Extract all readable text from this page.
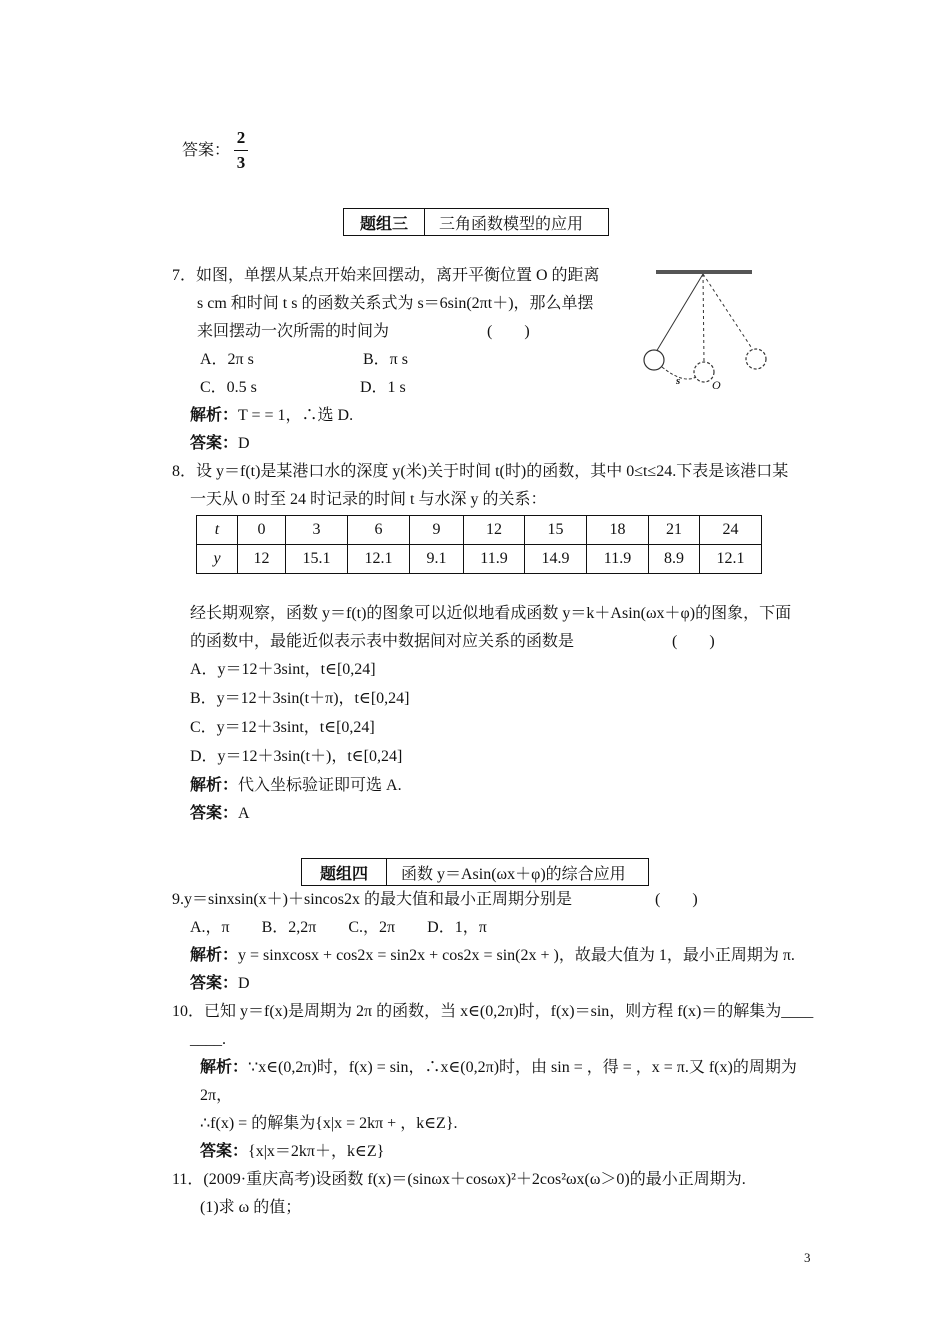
答案：
2
3
题组三	三角函数模型的应用
7．如图，单摆从某点开始来回摆动，离开平衡位置 O 的距离
s cm 和时间 t s 的函数关系式为 s＝6sin(2πt＋)，那么单摆
来回摆动一次所需的时间为	(　　)
A．2π s	B．π s
C．0.5 s	D．1 s
解析：T = = 1，∴选 D.
答案：D
s	O
8．设 y＝f(t)是某港口水的深度 y(米)关于时间 t(时)的函数，其中 0≤t≤24.下表是该港口某
一天从 0 时至 24 时记录的时间 t 与水深 y 的关系：
t	0	3	6	9	12	15	18	21	24
y	12	15.1	12.1	9.1	11.9	14.9	11.9	8.9	12.1
经长期观察，函数 y＝f(t)的图象可以近似地看成函数 y＝k＋Asin(ωx＋φ)的图象，下面
的函数中，最能近似表示表中数据间对应关系的函数是	(　　)
A．y＝12＋3sint，t∈[0,24]
B．y＝12＋3sin(t＋π)，t∈[0,24]
C．y＝12＋3sint，t∈[0,24]
D．y＝12＋3sin(t＋)，t∈[0,24]
解析：代入坐标验证即可选 A.
答案：A
题组四	函数 y＝Asin(ωx＋φ)的综合应用
9.y＝sinxsin(x＋)＋sincos2x 的最大值和最小正周期分别是	(　　)
A.，π　　B．2,2π　　C.，2π　　D．1，π
解析：y = sinxcosx + cos2x = sin2x + cos2x = sin(2x + )，故最大值为 1，最小正周期为 π.
答案：D
10．已知 y＝f(x)是周期为 2π 的函数，当 x∈(0,2π)时，f(x)＝sin，则方程 f(x)＝的解集为____
____.
解析：∵x∈(0,2π)时，f(x) = sin，∴x∈(0,2π)时，由 sin = ，得 = ，x = π.又 f(x)的周期为
2π，
∴f(x) = 的解集为{x|x = 2kπ + ，k∈Z}.
答案：{x|x＝2kπ＋，k∈Z}
11．(2009·重庆高考)设函数 f(x)＝(sinωx＋cosωx)²＋2cos²ωx(ω＞0)的最小正周期为.
(1)求 ω 的值；
3
